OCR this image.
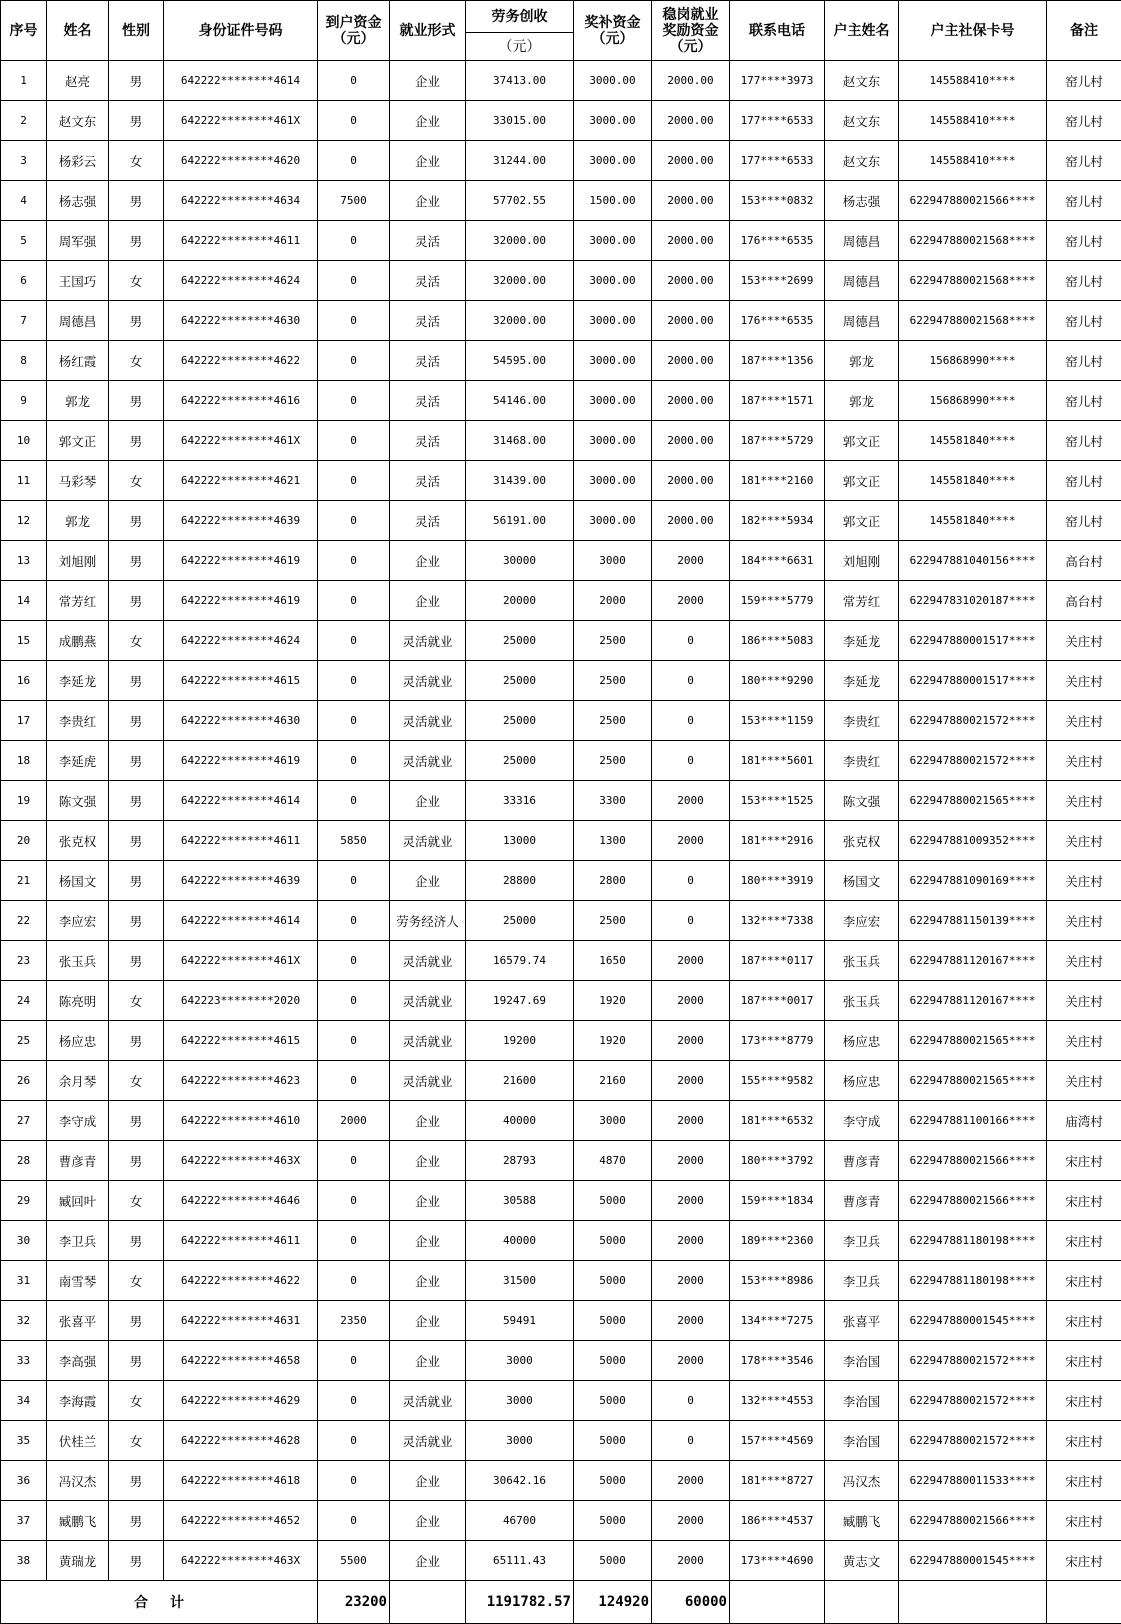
序号	姓名	性别	身份证件号码	到户资金（元）	就业形式	劳务创收	奖补资金（元）	稳岗就业奖励资金（元）	联系电话	户主姓名	户主社保卡号	备注
						（元）						
1	赵亮	男	642222********4614	0	企业	37413.00	3000.00	2000.00	177****3973	赵文东	145588410****	窑儿村
2	赵文东	男	642222********461X	0	企业	33015.00	3000.00	2000.00	177****6533	赵文东	145588410****	窑儿村
3	杨彩云	女	642222********4620	0	企业	31244.00	3000.00	2000.00	177****6533	赵文东	145588410****	窑儿村
4	杨志强	男	642222********4634	7500	企业	57702.55	1500.00	2000.00	153****0832	杨志强	622947880021566****	窑儿村
5	周军强	男	642222********4611	0	灵活	32000.00	3000.00	2000.00	176****6535	周德昌	622947880021568****	窑儿村
6	王国巧	女	642222********4624	0	灵活	32000.00	3000.00	2000.00	153****2699	周德昌	622947880021568****	窑儿村
7	周德昌	男	642222********4630	0	灵活	32000.00	3000.00	2000.00	176****6535	周德昌	622947880021568****	窑儿村
8	杨红霞	女	642222********4622	0	灵活	54595.00	3000.00	2000.00	187****1356	郭龙	156868990****	窑儿村
9	郭龙	男	642222********4616	0	灵活	54146.00	3000.00	2000.00	187****1571	郭龙	156868990****	窑儿村
10	郭文正	男	642222********461X	0	灵活	31468.00	3000.00	2000.00	187****5729	郭文正	145581840****	窑儿村
11	马彩琴	女	642222********4621	0	灵活	31439.00	3000.00	2000.00	181****2160	郭文正	145581840****	窑儿村
12	郭龙	男	642222********4639	0	灵活	56191.00	3000.00	2000.00	182****5934	郭文正	145581840****	窑儿村
13	刘旭刚	男	642222********4619	0	企业	30000	3000	2000	184****6631	刘旭刚	622947881040156****	高台村
14	常芳红	男	642222********4619	0	企业	20000	2000	2000	159****5779	常芳红	622947831020187****	高台村
15	成鹏燕	女	642222********4624	0	灵活就业	25000	2500	0	186****5083	李延龙	622947880001517****	关庄村
16	李延龙	男	642222********4615	0	灵活就业	25000	2500	0	180****9290	李延龙	622947880001517****	关庄村
17	李贵红	男	642222********4630	0	灵活就业	25000	2500	0	153****1159	李贵红	622947880021572****	关庄村
18	李延虎	男	642222********4619	0	灵活就业	25000	2500	0	181****5601	李贵红	622947880021572****	关庄村
19	陈文强	男	642222********4614	0	企业	33316	3300	2000	153****1525	陈文强	622947880021565****	关庄村
20	张克权	男	642222********4611	5850	灵活就业	13000	1300	2000	181****2916	张克权	622947881009352****	关庄村
21	杨国文	男	642222********4639	0	企业	28800	2800	0	180****3919	杨国文	622947881090169****	关庄村
22	李应宏	男	642222********4614	0	劳务经济人	25000	2500	0	132****7338	李应宏	622947881150139****	关庄村
23	张玉兵	男	642222********461X	0	灵活就业	16579.74	1650	2000	187****0117	张玉兵	622947881120167****	关庄村
24	陈亮明	女	642223********2020	0	灵活就业	19247.69	1920	2000	187****0017	张玉兵	622947881120167****	关庄村
25	杨应忠	男	642222********4615	0	灵活就业	19200	1920	2000	173****8779	杨应忠	622947880021565****	关庄村
26	余月琴	女	642222********4623	0	灵活就业	21600	2160	2000	155****9582	杨应忠	622947880021565****	关庄村
27	李守成	男	642222********4610	2000	企业	40000	3000	2000	181****6532	李守成	622947881100166****	庙湾村
28	曹彦青	男	642222********463X	0	企业	28793	4870	2000	180****3792	曹彦青	622947880021566****	宋庄村
29	臧回叶	女	642222********4646	0	企业	30588	5000	2000	159****1834	曹彦青	622947880021566****	宋庄村
30	李卫兵	男	642222********4611	0	企业	40000	5000	2000	189****2360	李卫兵	622947881180198****	宋庄村
31	南雪琴	女	642222********4622	0	企业	31500	5000	2000	153****8986	李卫兵	622947881180198****	宋庄村
32	张喜平	男	642222********4631	2350	企业	59491	5000	2000	134****7275	张喜平	622947880001545****	宋庄村
33	李高强	男	642222********4658	0	企业	3000	5000	2000	178****3546	李治国	622947880021572****	宋庄村
34	李海霞	女	642222********4629	0	灵活就业	3000	5000	0	132****4553	李治国	622947880021572****	宋庄村
35	伏桂兰	女	642222********4628	0	灵活就业	3000	5000	0	157****4569	李治国	622947880021572****	宋庄村
36	冯汉杰	男	642222********4618	0	企业	30642.16	5000	2000	181****8727	冯汉杰	622947880011533****	宋庄村
37	臧鹏飞	男	642222********4652	0	企业	46700	5000	2000	186****4537	臧鹏飞	622947880021566****	宋庄村
38	黄瑞龙	男	642222********463X	5500	企业	65111.43	5000	2000	173****4690	黄志文	622947880001545****	宋庄村
合计				23200		1191782.57	124920	60000				
